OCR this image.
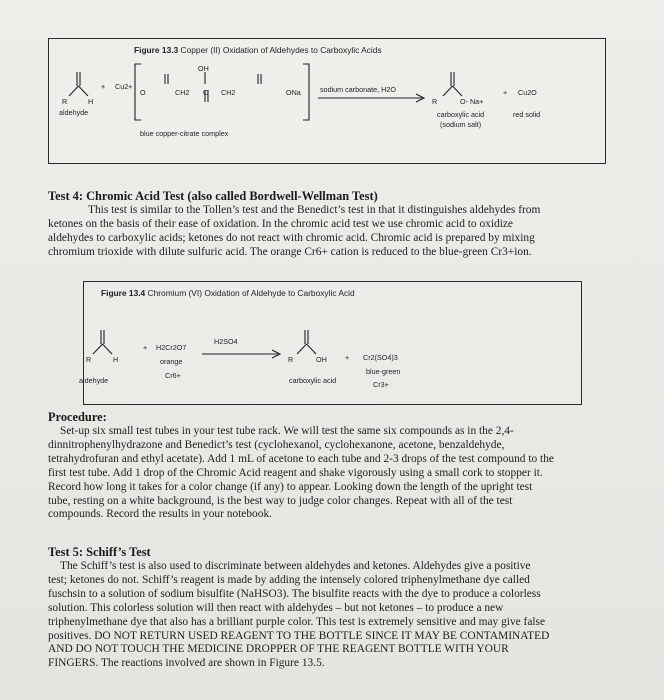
Figure 13.3 Copper (II) Oxidation of Aldehydes to Carboxylic Acids
R	H
aldehyde
+ Cu2+
O
OH
CH2 C CH2	ONa
blue copper-citrate complex
sodium carbonate, H2O
R	O- Na+
carboxylic acid
(sodium salt)
+ Cu2O
red solid
Test 4: Chromic Acid Test (also called Bordwell-Wellman Test)
This test is similar to the Tollen’s test and the Benedict’s test in that it distinguishes aldehydes from
ketones on the basis of their ease of oxidation. In the chromic acid test we use chromic acid to oxidize
aldehydes to carboxylic acids; ketones do not react with chromic acid. Chromic acid is prepared by mixing
chromium trioxide with dilute sulfuric acid. The orange Cr6+ cation is reduced to the blue-green Cr3+ion.
Figure 13.4 Chromium (VI) Oxidation of Aldehyde to Carboxylic Acid
R	H
aldehyde
+ H2Cr2O7
orange
Cr6+
H2SO4
R	OH
carboxylic acid
+ Cr2(SO4)3
blue-green
Cr3+
Procedure:
Set-up six small test tubes in your test tube rack. We will test the same six compounds as in the 2,4-
dinnitrophenylhydrazone and Benedict’s test (cyclohexanol, cyclohexanone, acetone, benzaldehyde,
tetrahydrofuran and ethyl acetate). Add 1 mL of acetone to each tube and 2-3 drops of the test compound to the
first test tube. Add 1 drop of the Chromic Acid reagent and shake vigorously using a small cork to stopper it.
Record how long it takes for a color change (if any) to appear. Looking down the length of the upright test
tube, resting on a white background, is the best way to judge color changes. Repeat with all of the test
compounds. Record the results in your notebook.
Test 5: Schiff’s Test
The Schiff’s test is also used to discriminate between aldehydes and ketones. Aldehydes give a positive
test; ketones do not. Schiff’s reagent is made by adding the intensely colored triphenylmethane dye called
fuschsin to a solution of sodium bisulfite (NaHSO3). The bisulfite reacts with the dye to produce a colorless
solution. This colorless solution will then react with aldehydes – but not ketones – to produce a new
triphenylmethane dye that also has a brilliant purple color. This test is extremely sensitive and may give false
positives. DO NOT RETURN USED REAGENT TO THE BOTTLE SINCE IT MAY BE CONTAMINATED
AND DO NOT TOUCH THE MEDICINE DROPPER OF THE REAGENT BOTTLE WITH YOUR
FINGERS. The reactions involved are shown in Figure 13.5.
